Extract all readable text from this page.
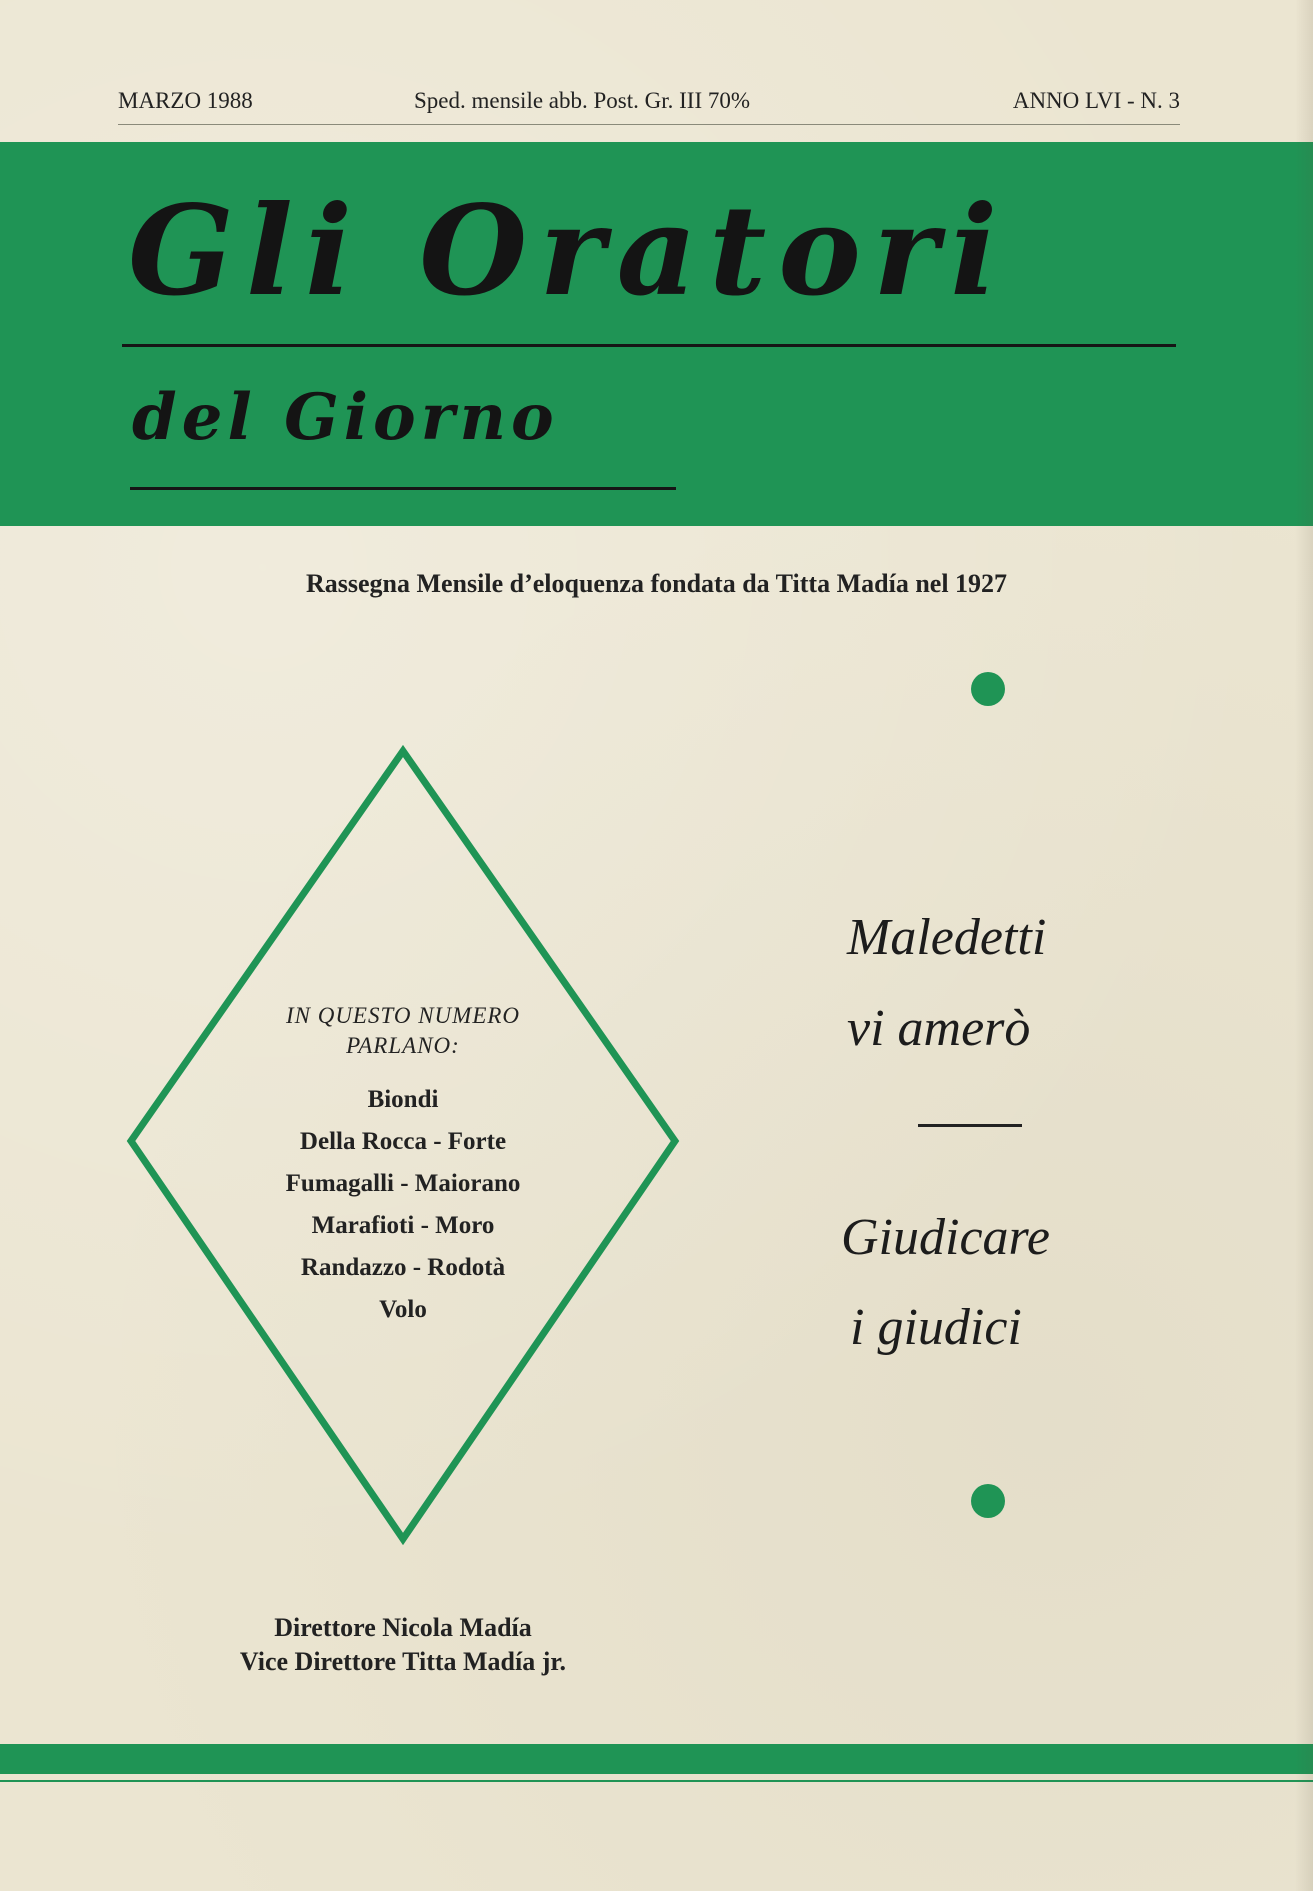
MARZO 1988	Sped. mensile abb. Post. Gr. III 70%	ANNO LVI - N. 3
Gli Oratori
del Giorno
Rassegna Mensile d’eloquenza fondata da Titta Madía nel 1927
IN QUESTO NUMERO
PARLANO:
Biondi
Della Rocca - Forte
Fumagalli - Maiorano
Marafioti - Moro
Randazzo - Rodotà
Volo
Maledetti
vi amerò
Giudicare
i giudici
Direttore Nicola Madía
Vice Direttore Titta Madía jr.
